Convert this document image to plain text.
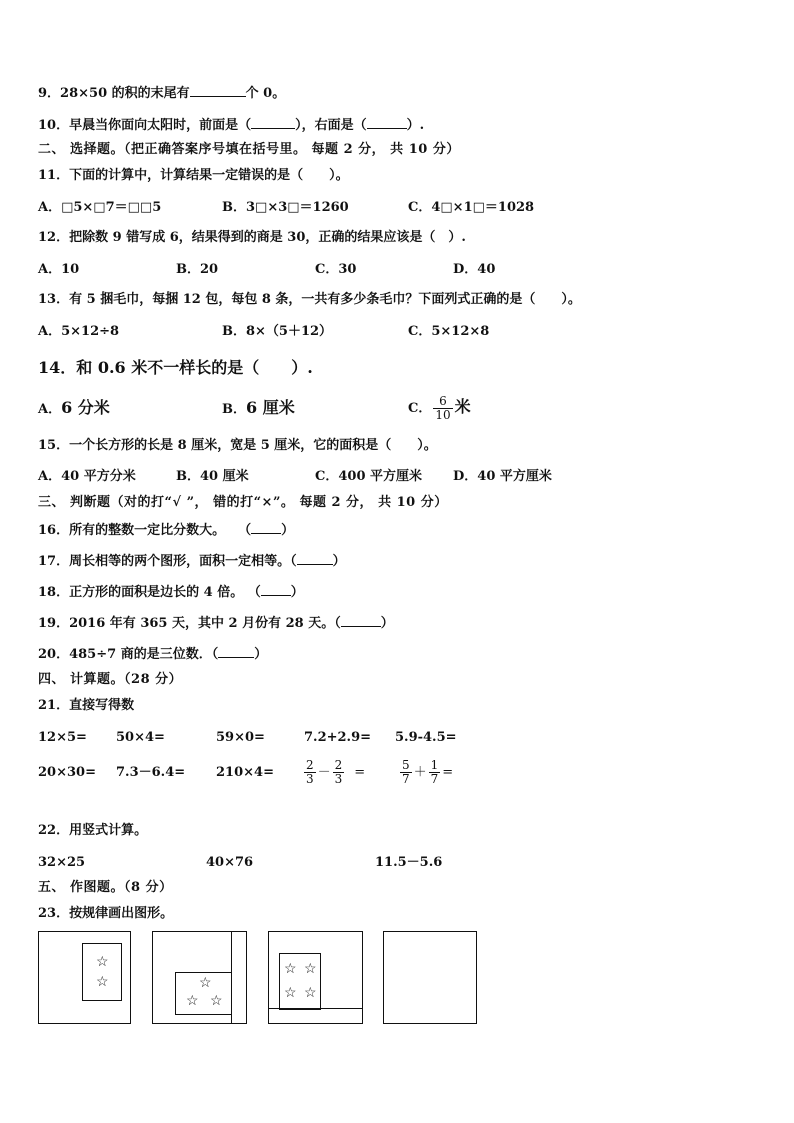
9．28×50 的积的末尾有	个 0。
10．早晨当你面向太阳时，前面是（	），右面是（	）.
二、 选择题。（把正确答案序号填在括号里。 每题 2 分， 共 10 分）
11．下面的计算中，计算结果一定错误的是（　　）。
A．□5×□7＝□□5	B．3□×3□＝1260	C．4□×1□＝1028
12．把除数 9 错写成 6，结果得到的商是 30，正确的结果应该是（　）.
A．10	B．20	C．30	D．40
13．有 5 捆毛巾，每捆 12 包，每包 8 条，一共有多少条毛巾？下面列式正确的是（　　）。
A．5×12÷8	B．8×（5＋12）	C．5×12×8
14．和 0.6 米不一样长的是（　　）.
A．6 分米	B．6 厘米	C． $\frac{6}{10}$ 米
15．一个长方形的长是 8 厘米，宽是 5 厘米，它的面积是（　　）。
A．40 平方分米	B．40 厘米	C．400 平方厘米 D．40 平方厘米
三、 判断题（对的打“√ ”， 错的打“×”。 每题 2 分， 共 10 分）
16．所有的整数一定比分数大。　　（ ）
17．周长相等的两个图形，面积一定相等。（	）
18．正方形的面积是边长的 4 倍。 （ ）
19．2016 年有 365 天，其中 2 月份有 28 天。（	）
20．485÷7 商的是三位数．（	）
四、 计算题。（28 分）
21．直接写得数
12×5= 50×4=	59×0=	7.2+2.9= 5.9-4.5=
20×30= 7.3－6.4= 210×4=	$\frac{2}{3} - \frac{2}{3}$ =	$\frac{5}{7} + \frac{1}{7}$ =
22．用竖式计算。
32×25	40×76	11.5－5.6
五、 作图题。（8 分）
23．按规律画出图形。
☆
☆	☆
☆ ☆
☆ ☆
☆ ☆
